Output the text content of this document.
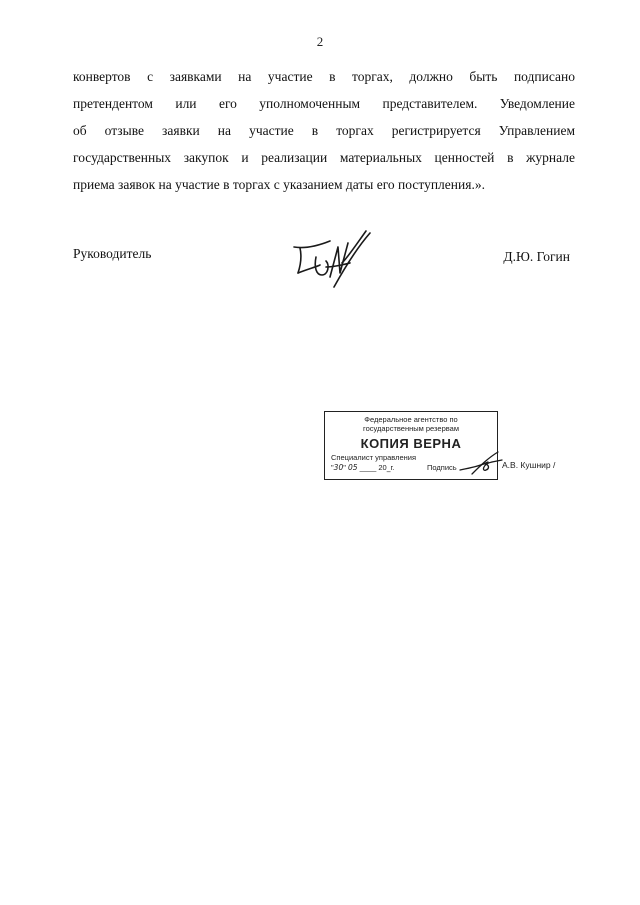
2
конвертов с заявками на участие в торгах, должно быть подписано
претендентом или его уполномоченным представителем. Уведомление
об отзыве заявки на участие в торгах регистрируется Управлением
государственных закупок и реализации материальных ценностей в журнале
приема заявок на участие в торгах с указанием даты его поступления.».
Руководитель	Д.Ю. Гогин
Федеральное агентство по
государственным резервам
КОПИЯ ВЕРНА
Специалист управления
"30" 05 ____ 20_г.	Подпись	А.В. Кушнир /
